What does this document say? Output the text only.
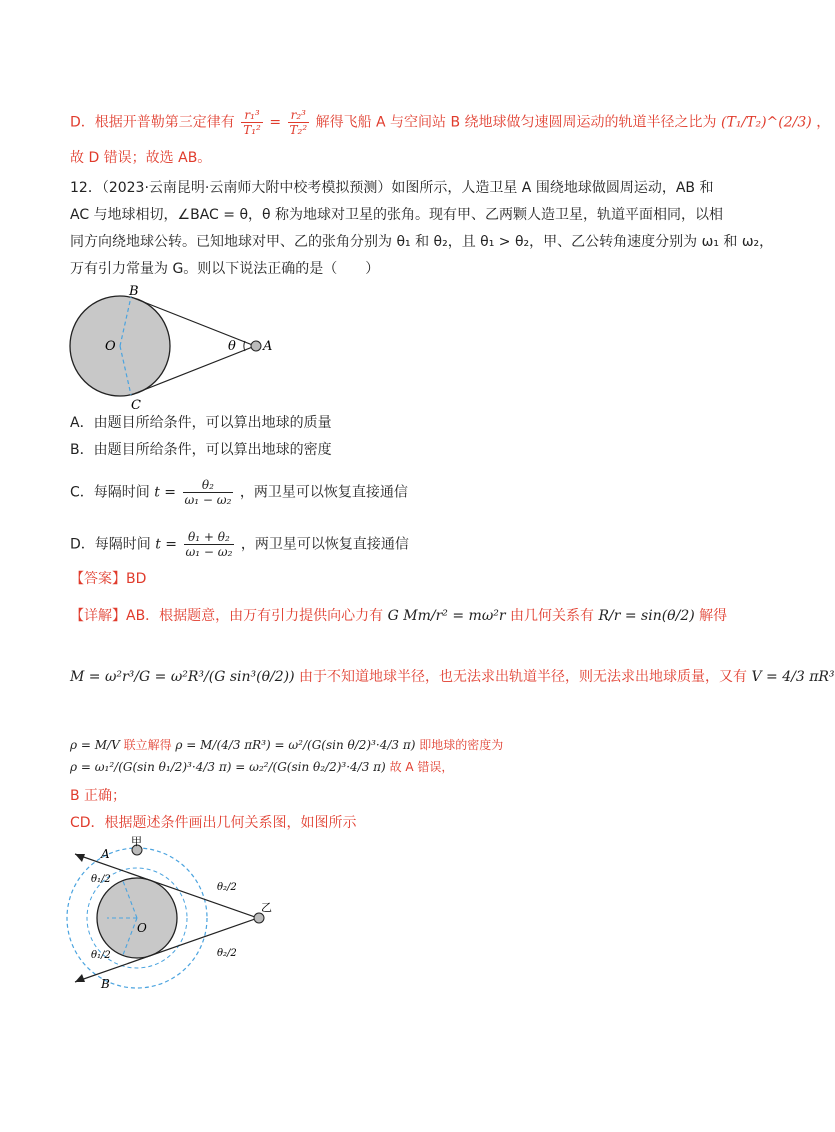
D．根据开普勒第三定律有 $\frac{\text{r₁³}}{\text{T₁²}} = \frac{\text{r₂³}}{\text{T₂²}}$ 解得飞船 A 与空间站 B 绕地球做匀速圆周运动的轨道半径之比为 (T₁/T₂)^(2/3) ，
故 D 错误；故选 AB。
12．（2023·云南昆明·云南师大附中校考模拟预测）如图所示，人造卫星 A 围绕地球做圆周运动，AB 和
AC 与地球相切，∠BAC = θ，θ 称为地球对卫星的张角。现有甲、乙两颗人造卫星，轨道平面相同，以相
同方向绕地球公转。已知地球对甲、乙的张角分别为 θ₁ 和 θ₂，且 θ₁ > θ₂，甲、乙公转角速度分别为 ω₁ 和 ω₂，
万有引力常量为 G。则以下说法正确的是（　　）
B
O
C
A
θ
A．由题目所给条件，可以算出地球的质量
B．由题目所给条件，可以算出地球的密度
C．每隔时间 $t = \frac{\text{θ₂}}{\text{ω₁ − ω₂}}$ ，两卫星可以恢复直接通信
D．每隔时间 $t = \frac{\text{θ₁ + θ₂}}{\text{ω₁ − ω₂}}$ ，两卫星可以恢复直接通信
【答案】BD
【详解】AB．根据题意，由万有引力提供向心力有 G Mm/r² = mω²r 由几何关系有 R/r = sin(θ/2) 解得
M = ω²r³/G = ω²R³/(G sin³(θ/2)) 由于不知道地球半径，也无法求出轨道半径，则无法求出地球质量，又有 V = 4/3 πR³
ρ = M/V 联立解得 ρ = M/(4/3 πR³) = ω²/(G(sin θ/2)³·4/3 π) 即地球的密度为
ρ = ω₁²/(G(sin θ₁/2)³·4/3 π) = ω₂²/(G(sin θ₂/2)³·4/3 π) 故 A 错误，
B 正确；
CD．根据题述条件画出几何关系图，如图所示
甲
乙
A
B
O
θ₁/2
θ₁/2
θ₂/2
θ₂/2
